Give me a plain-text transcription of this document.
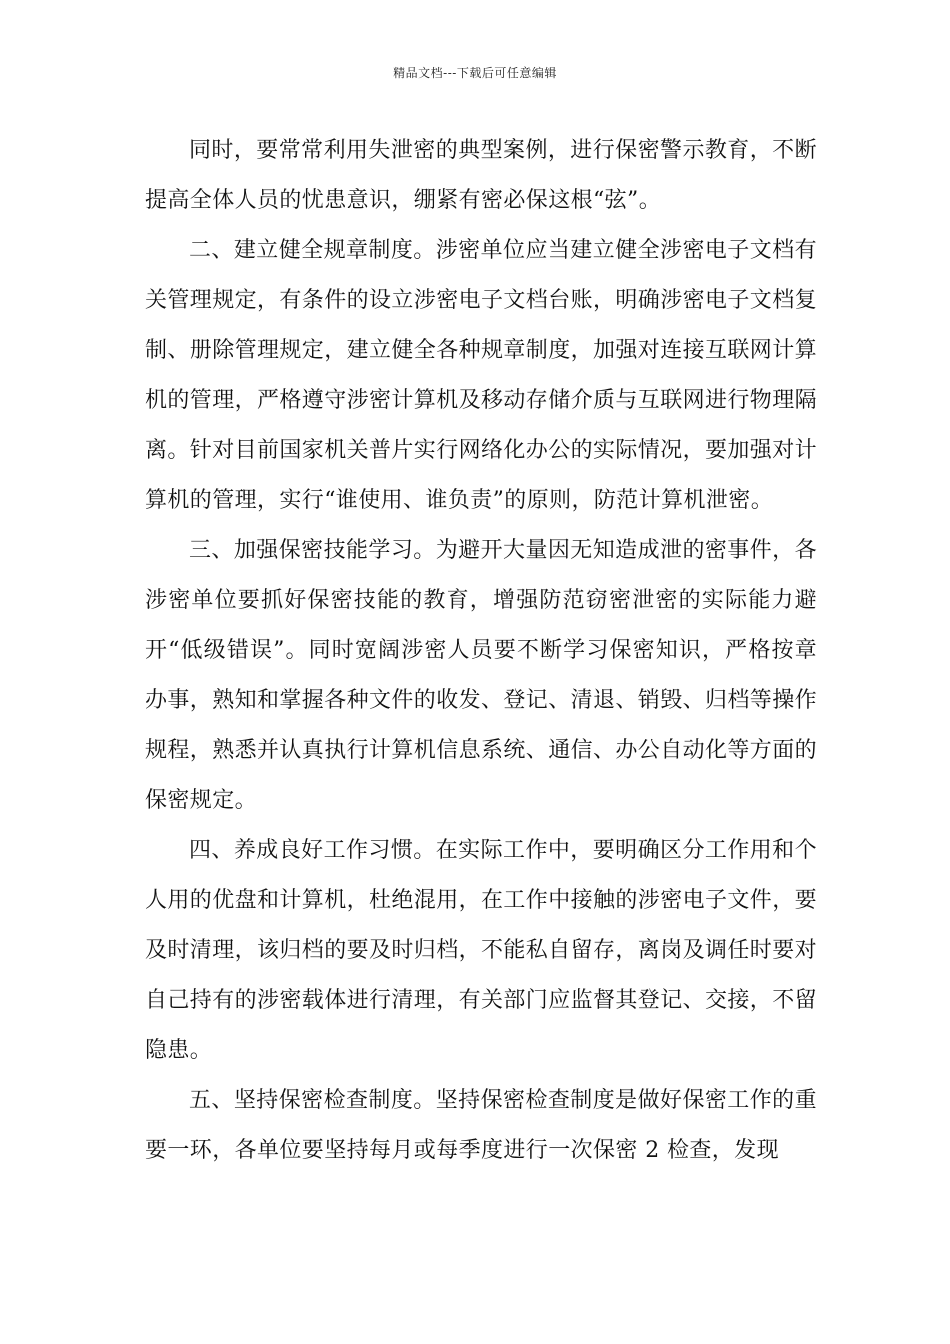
精品文档---下载后可任意编辑

同时，要常常利用失泄密的典型案例，进行保密警示教育，不断提高全体人员的忧患意识，绷紧有密必保这根“弦”。

二、建立健全规章制度。涉密单位应当建立健全涉密电子文档有关管理规定，有条件的设立涉密电子文档台账，明确涉密电子文档复制、册除管理规定，建立健全各种规章制度，加强对连接互联网计算机的管理，严格遵守涉密计算机及移动存储介质与互联网进行物理隔离。针对目前国家机关普片实行网络化办公的实际情况，要加强对计算机的管理，实行“谁使用、谁负责”的原则，防范计算机泄密。

三、加强保密技能学习。为避开大量因无知造成泄的密事件，各涉密单位要抓好保密技能的教育，增强防范窃密泄密的实际能力避开“低级错误”。同时宽阔涉密人员要不断学习保密知识，严格按章办事，熟知和掌握各种文件的收发、登记、清退、销毁、归档等操作规程，熟悉并认真执行计算机信息系统、通信、办公自动化等方面的保密规定。

四、养成良好工作习惯。在实际工作中，要明确区分工作用和个人用的优盘和计算机，杜绝混用，在工作中接触的涉密电子文件，要及时清理，该归档的要及时归档，不能私自留存，离岗及调任时要对自己持有的涉密载体进行清理，有关部门应监督其登记、交接，不留隐患。

五、坚持保密检查制度。坚持保密检查制度是做好保密工作的重要一环，各单位要坚持每月或每季度进行一次保密 2 检查，发现
